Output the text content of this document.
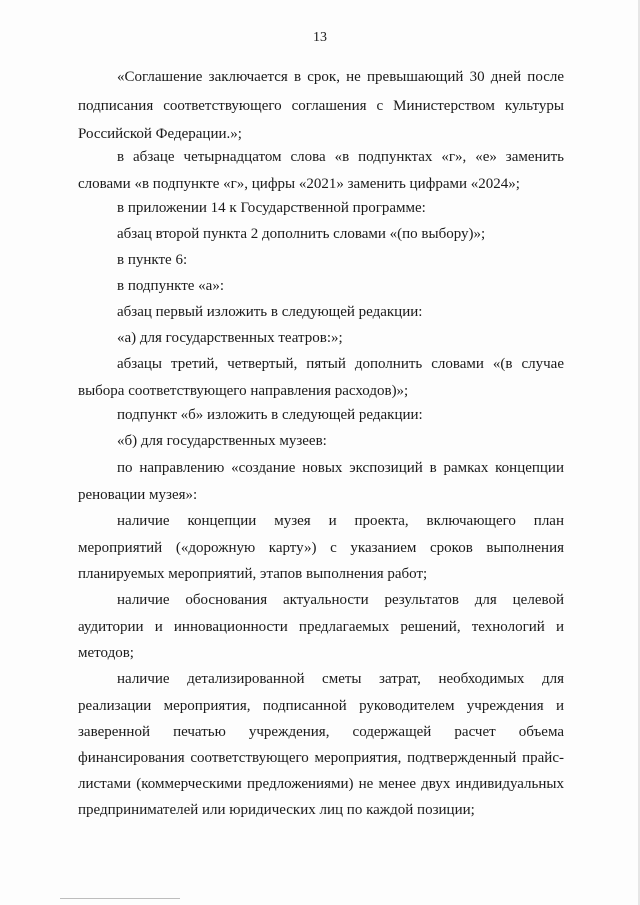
13
«Соглашение заключается в срок, не превышающий 30 дней после
подписания соответствующего соглашения с Министерством культуры
Российской Федерации.»;
в абзаце четырнадцатом слова «в подпунктах «г», «е» заменить
словами «в подпункте «г», цифры «2021» заменить цифрами «2024»;
в приложении 14 к Государственной программе:
абзац второй пункта 2 дополнить словами «(по выбору)»;
в пункте 6:
в подпункте «а»:
абзац первый изложить в следующей редакции:
«а) для государственных театров:»;
абзацы третий, четвертый, пятый дополнить словами «(в случае
выбора соответствующего направления расходов)»;
подпункт «б» изложить в следующей редакции:
«б) для государственных музеев:
по направлению «создание новых экспозиций в рамках концепции
реновации музея»:
наличие концепции музея и проекта, включающего план
мероприятий («дорожную карту») с указанием сроков выполнения
планируемых мероприятий, этапов выполнения работ;
наличие обоснования актуальности результатов для целевой
аудитории и инновационности предлагаемых решений, технологий и
методов;
наличие детализированной сметы затрат, необходимых для
реализации мероприятия, подписанной руководителем учреждения и
заверенной печатью учреждения, содержащей расчет объема
финансирования соответствующего мероприятия, подтвержденный прайс-
листами (коммерческими предложениями) не менее двух индивидуальных
предпринимателей или юридических лиц по каждой позиции;
